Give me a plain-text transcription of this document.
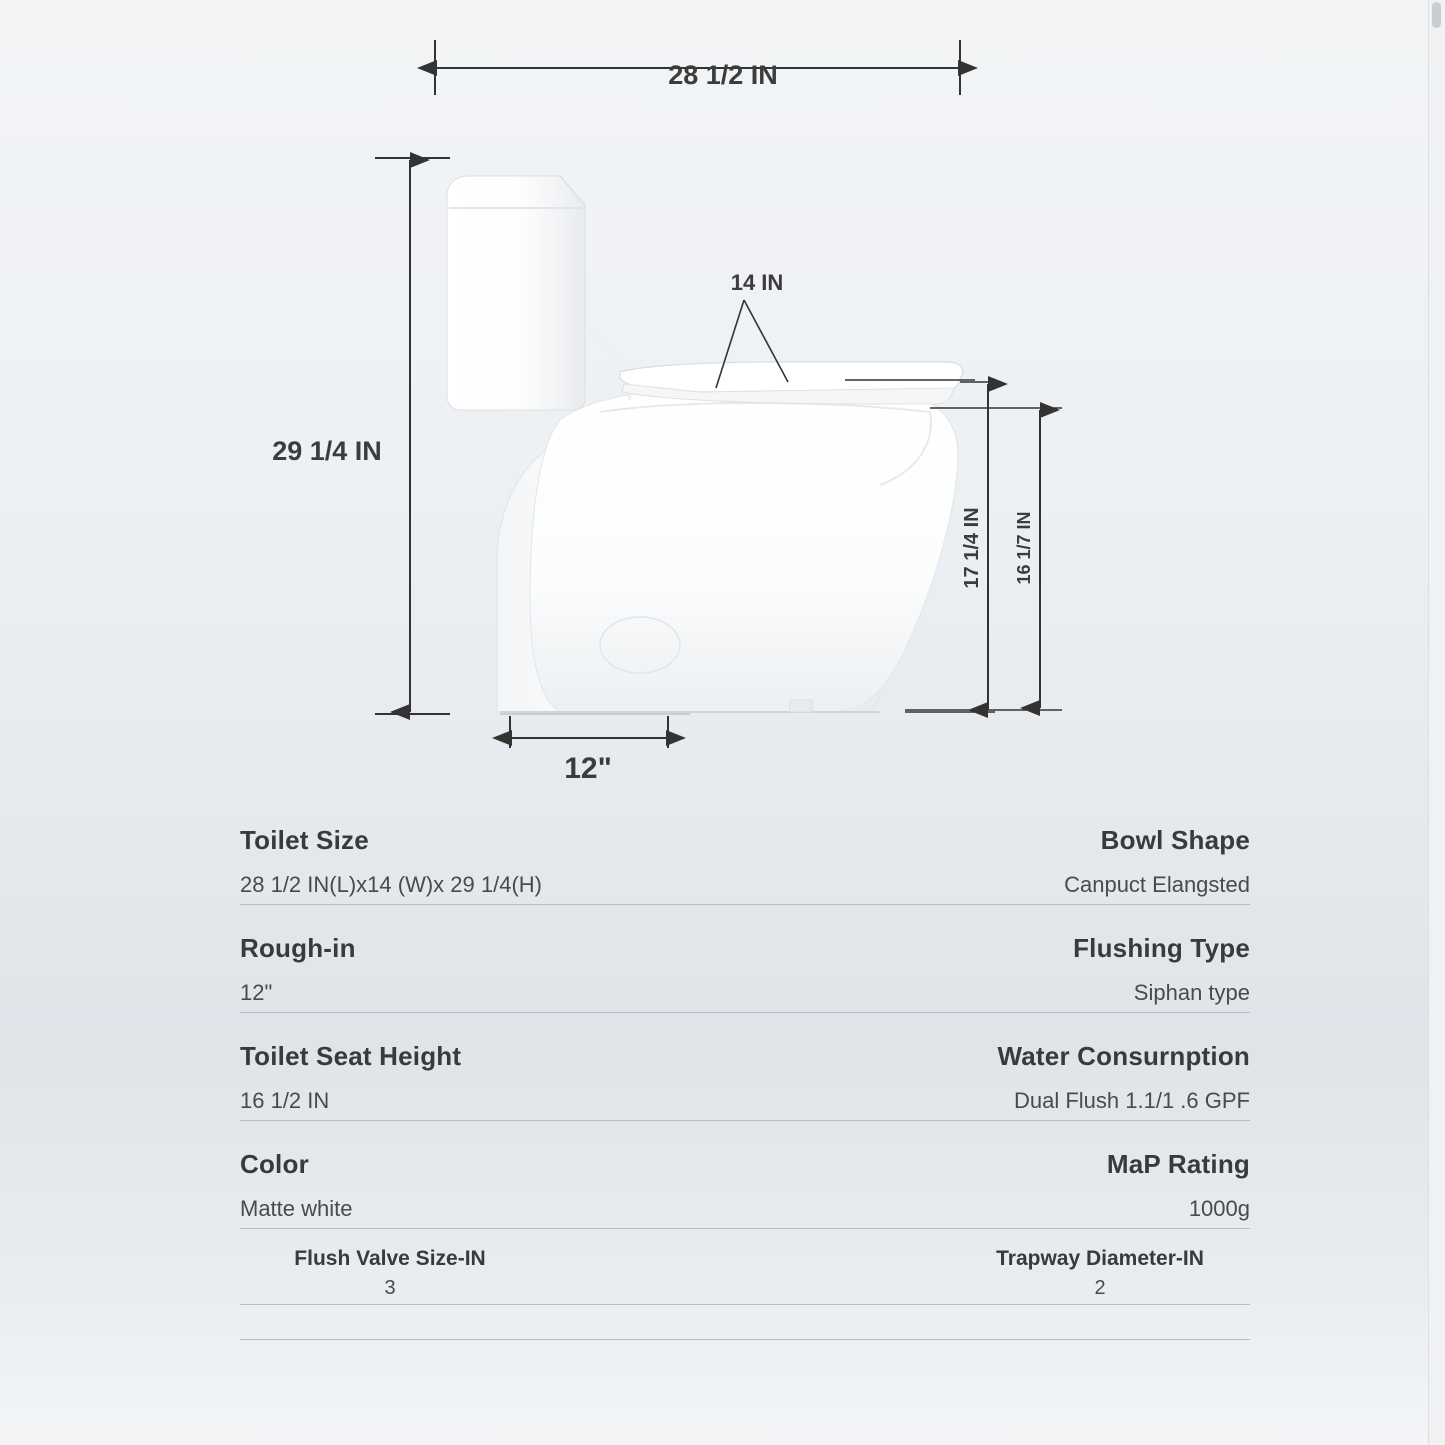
28 1/2 IN
29 1/4 IN
14 IN
17 1/4 IN 16 1/7 IN
12"
Toilet Size
28 1/2 IN(L)x14 (W)x 29 1/4(H)
Bowl Shape
Canpuct Elangsted
Rough-in
12"
Flushing Type
Siphan type
Toilet Seat Height
16 1/2 IN
Water Consurnption
Dual Flush 1.1/1 .6 GPF
Color
Matte white
MaP Rating
1000g
Flush Valve Size-IN
3
Trapway Diameter-IN
2
